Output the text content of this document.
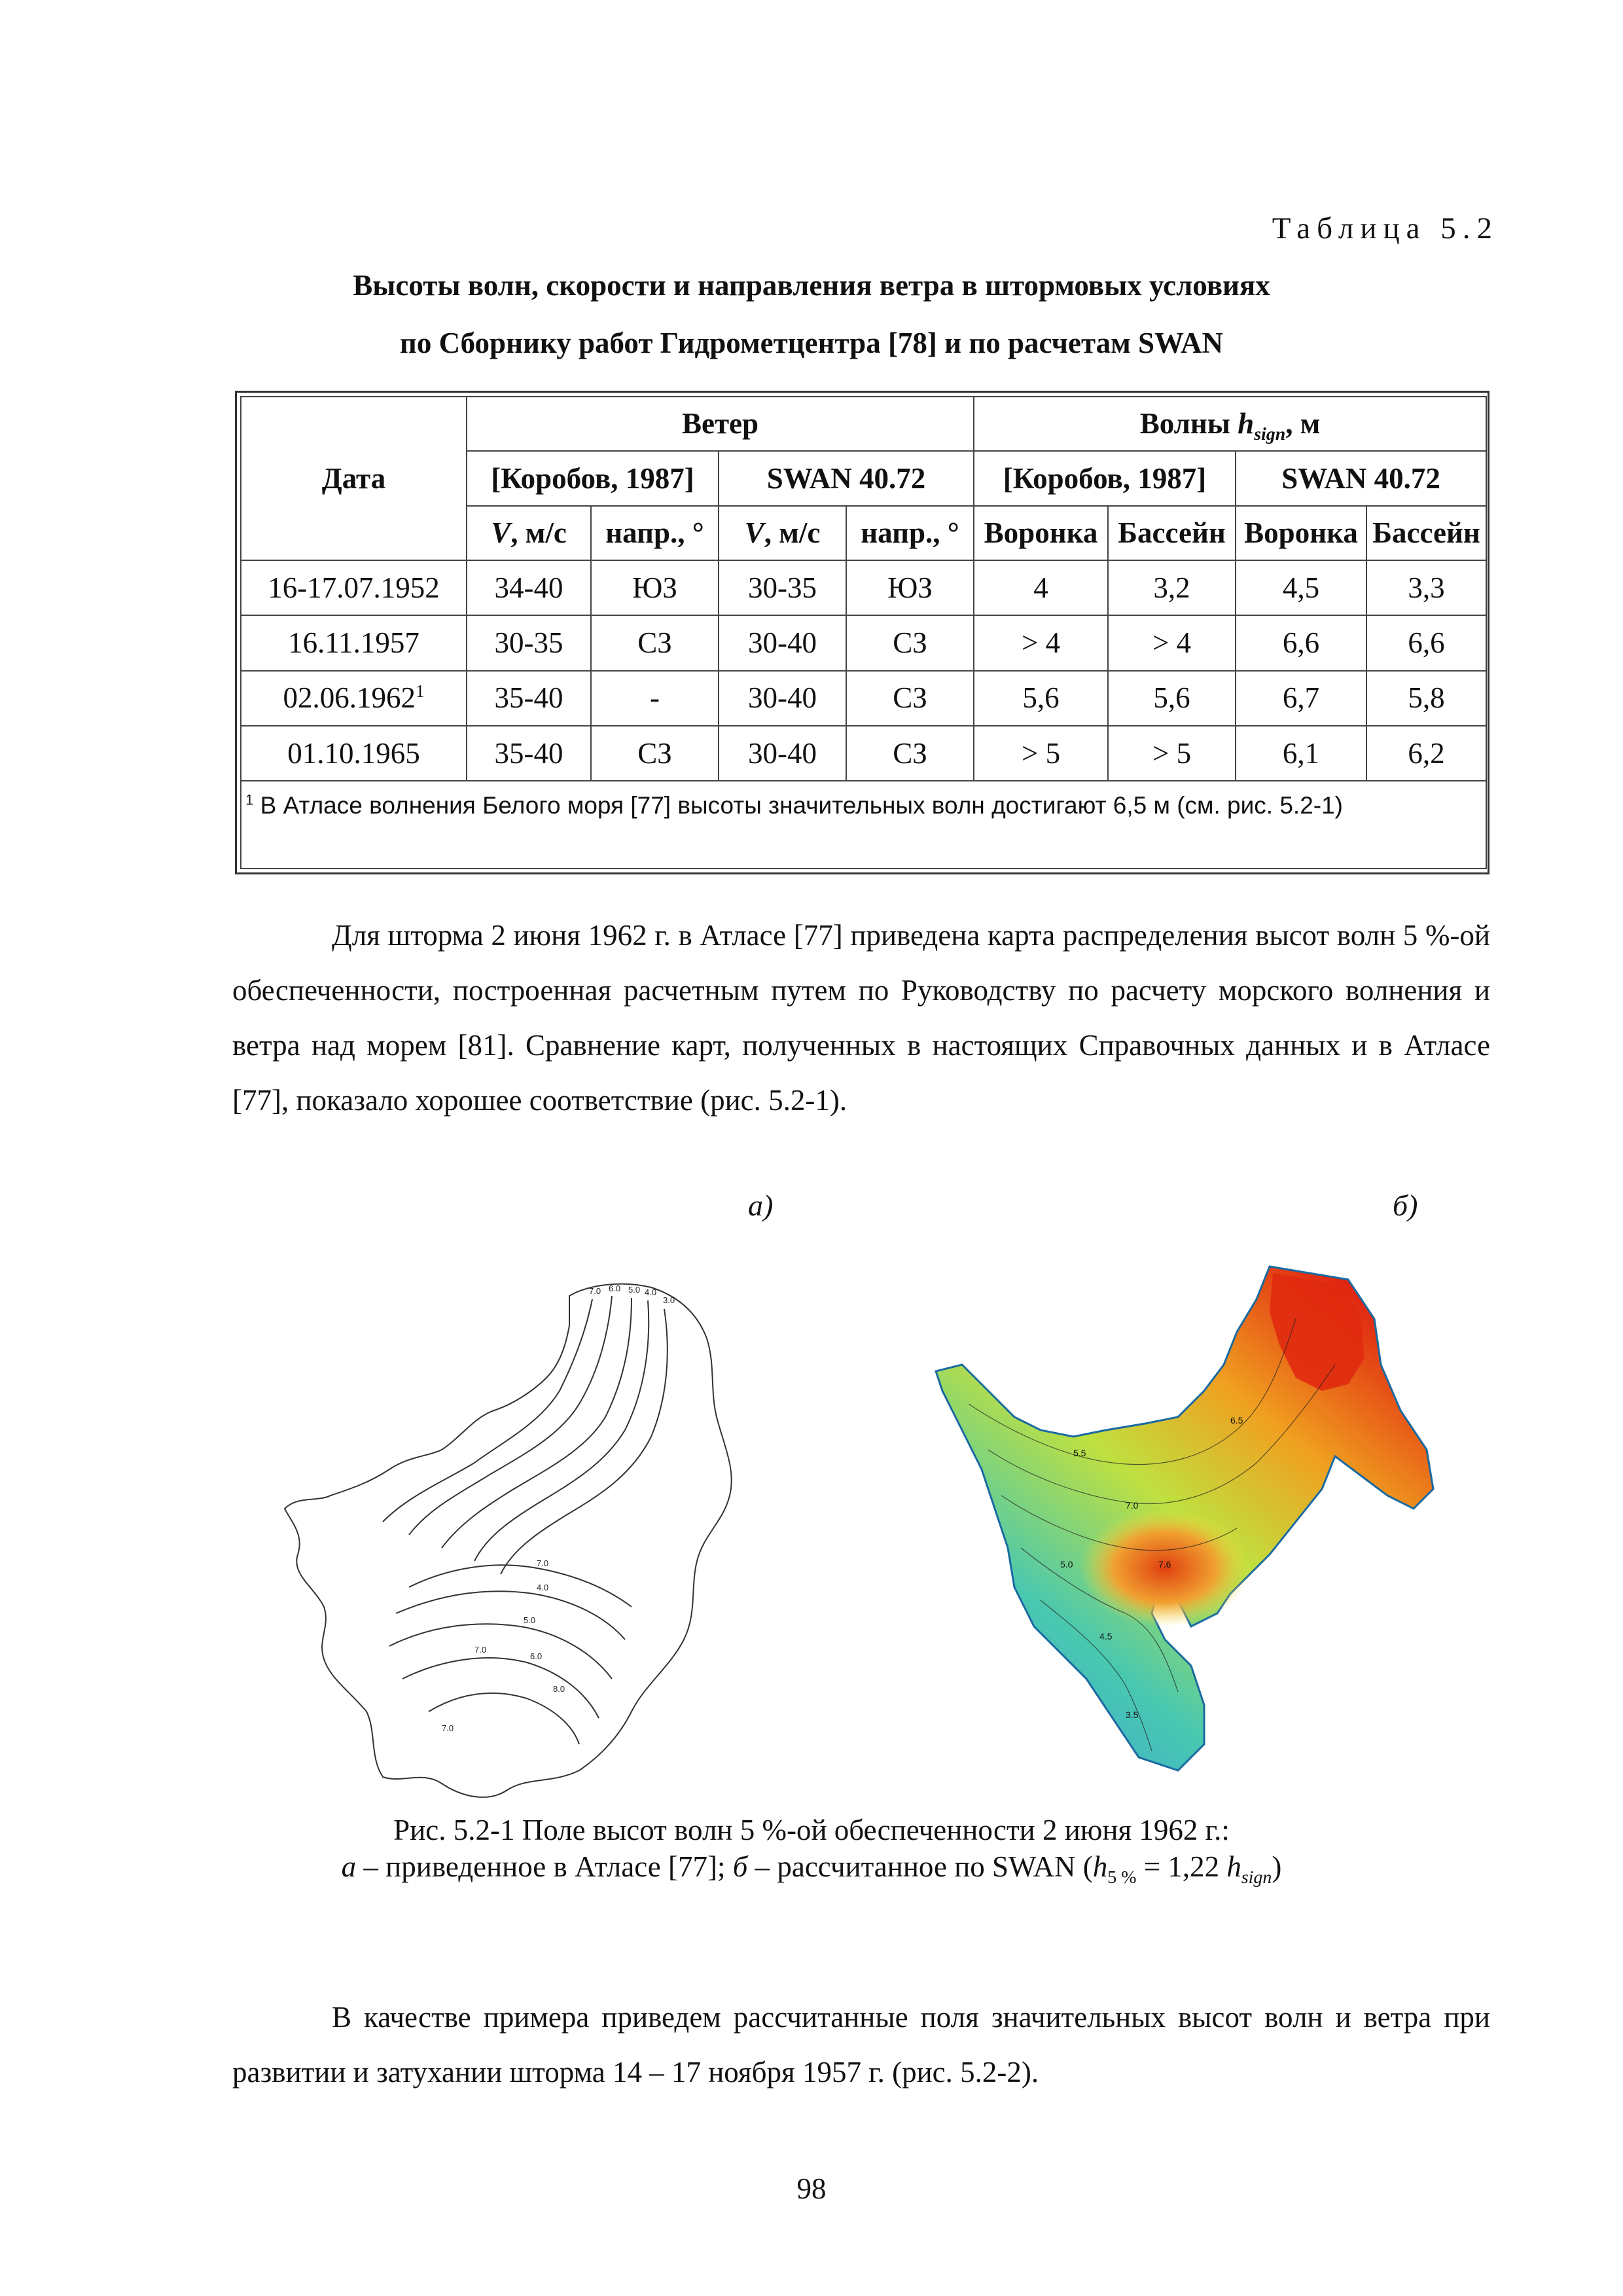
Таблица 5.2
Высоты волн, скорости и направления ветра в штормовых условиях
по Сборнику работ Гидрометцентра [78] и по расчетам SWAN
Дата	Ветер				Волны $h_{sign}$, м			
	[Коробов, 1987]		SWAN 40.72		[Коробов, 1987]		SWAN 40.72	
	V, м/с	напр., °	V, м/с	напр., °	Воронка	Бассейн	Воронка	Бассейн
16-17.07.1952	34-40	ЮЗ	30-35	ЮЗ	4	3,2	4,5	3,3
16.11.1957	30-35	СЗ	30-40	СЗ	> 4	> 4	6,6	6,6
02.06.1962$^1$	35-40	-	30-40	СЗ	5,6	5,6	6,7	5,8
01.10.1965	35-40	СЗ	30-40	СЗ	> 5	> 5	6,1	6,2
$^1$ В Атласе волнения Белого моря [77] высоты значительных волн достигают 6,5 м (см. рис. 5.2-1)								

Для шторма 2 июня 1962 г. в Атласе [77] приведена карта распределения высот волн 5 %-ой обеспеченности, построенная расчетным путем по Руководству по расчету морского волнения и ветра над морем [81]. Сравнение карт, полученных в настоящих Справочных данных и в Атласе [77], показало хорошее соответствие (рис. 5.2-1).

а)	б)
7.0 6.0 5.0 4.0
3.0
7.0
4.0
5.0
6.0
7.0
8.0
7.0
5.5
7.0
6.5
7.6
5.0
4.5
3.5
Рис. 5.2-1 Поле высот волн 5 %-ой обеспеченности 2 июня 1962 г.:
а – приведенное в Атласе [77]; б – рассчитанное по SWAN ($h_{5 \%} = 1,22$ $h_{sign}$)

В качестве примера приведем рассчитанные поля значительных высот волн и ветра при развитии и затухании шторма 14 – 17 ноября 1957 г. (рис. 5.2-2).

98
